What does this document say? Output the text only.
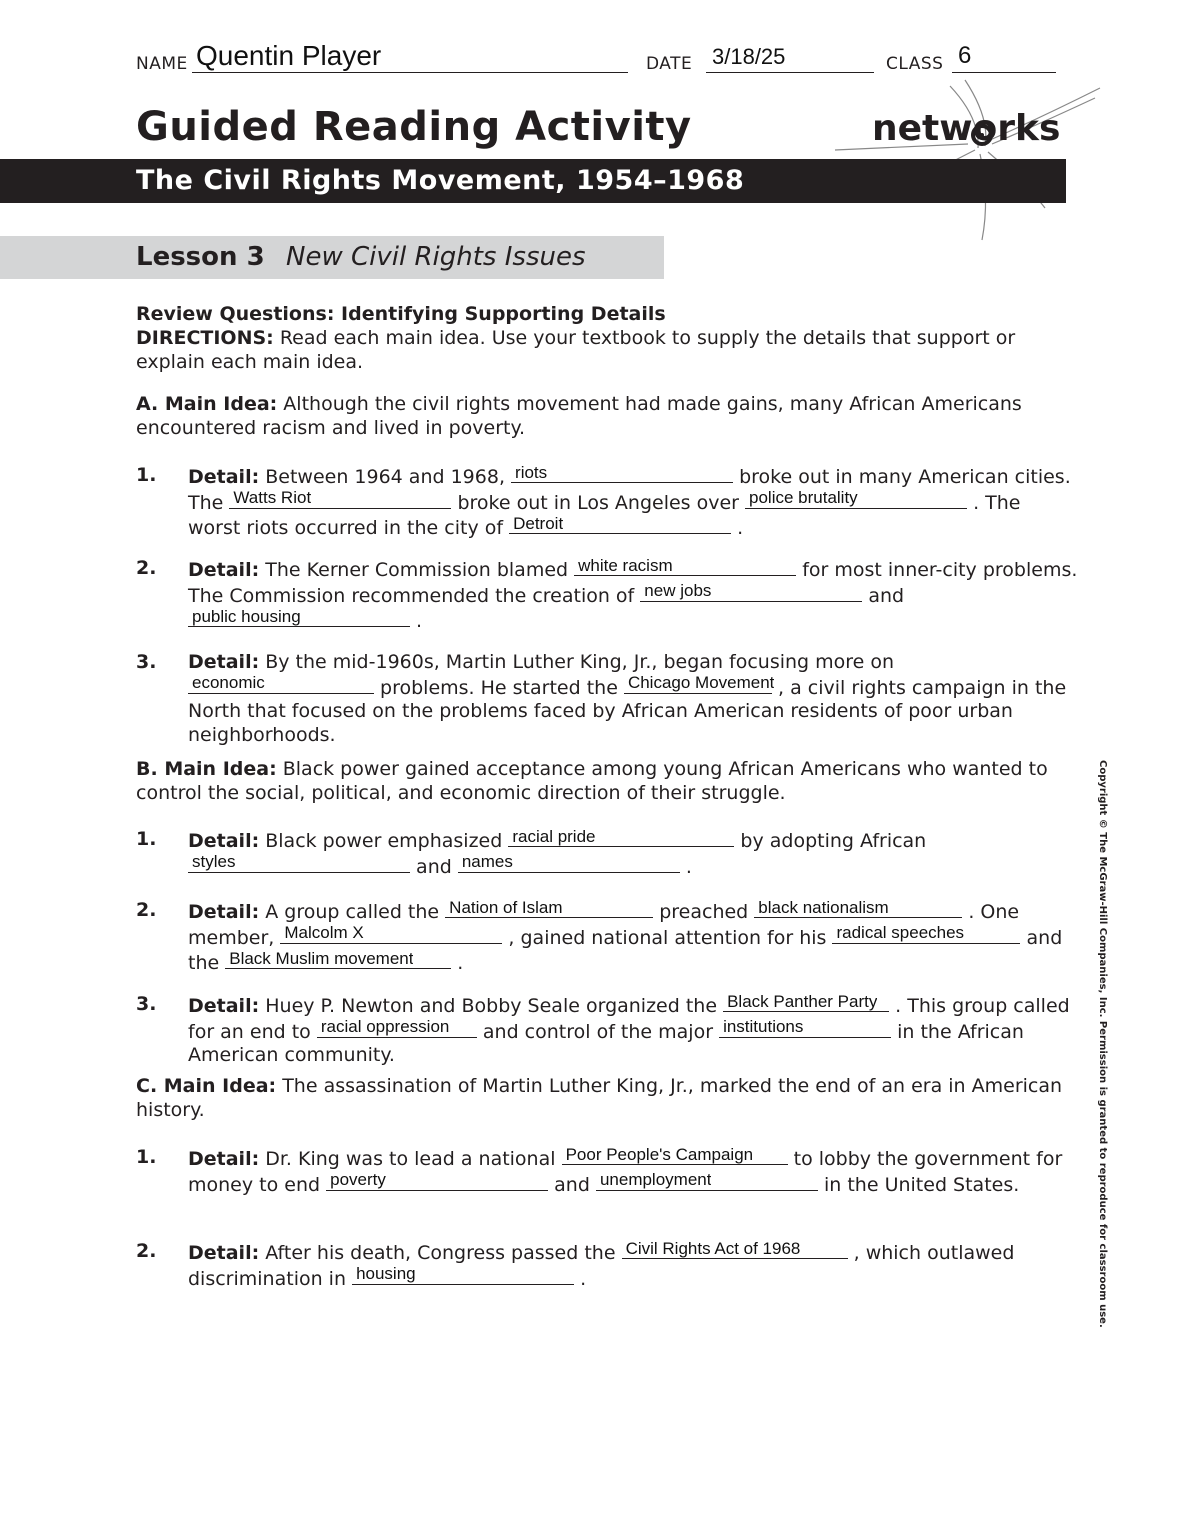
NAME Quentin Player	DATE 3/18/25	CLASS 6
Guided Reading Activity	networks
The Civil Rights Movement, 1954–1968
Lesson 3 New Civil Rights Issues
Review Questions: Identifying Supporting Details
DIRECTIONS: Read each main idea. Use your textbook to supply the details that support or explain each main idea.
A. Main Idea: Although the civil rights movement had made gains, many African Americans encountered racism and lived in poverty.
1. Detail: Between 1964 and 1968, riots	broke out in many American cities. The Watts Riot	broke out in Los Angeles over police brutality	. The worst riots occurred in the city of Detroit	.
2. Detail: The Kerner Commission blamed white racism	for most inner-city problems. The Commission recommended the creation of new jobs	and
public housing	.
3. Detail: By the mid-1960s, Martin Luther King, Jr., began focusing more on
economic	problems. He started the Chicago Movement , a civil rights campaign in the North that focused on the problems faced by African American residents of poor urban neighborhoods.
B. Main Idea: Black power gained acceptance among young African Americans who wanted to control the social, political, and economic direction of their struggle.
1. Detail: Black power emphasized racial pride	by adopting African
styles	and names	.
2. Detail: A group called the Nation of Islam	preached black nationalism	. One member, Malcolm X	, gained national attention for his radical speeches	and the Black Muslim movement .
3. Detail: Huey P. Newton and Bobby Seale organized the Black Panther Party . This group called for an end to racial oppression and control of the major institutions	in the African American community.
C. Main Idea: The assassination of Martin Luther King, Jr., marked the end of an era in American history.
1. Detail: Dr. King was to lead a national Poor People's Campaign to lobby the government for money to end poverty	and unemployment	in the United States.
2. Detail: After his death, Congress passed the Civil Rights Act of 1968	, which outlawed discrimination in housing	.	Copyright © The McGraw-Hill Companies, Inc. Permission is granted to reproduce for classroom use.
